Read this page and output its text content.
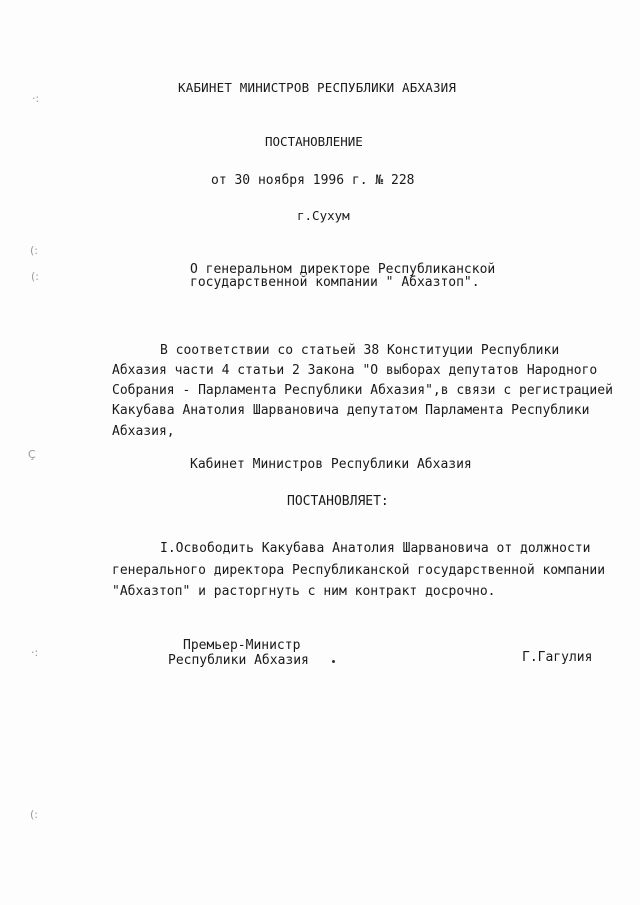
КАБИНЕТ МИНИСТРОВ РЕСПУБЛИКИ АБХАЗИЯ
ПОСТАНОВЛЕНИЕ
от 30 ноября 1996 г. № 228
г.Сухум
О генеральном директоре Республиканской
государственной компании " Абхазтоп".
В соответствии со статьей 38 Конституции Республики
Абхазия части 4 статьи 2 Закона "О выборах депутатов Народного
Собрания - Парламента Республики Абхазия",в связи с регистрацией
Какубава Анатолия Шарвановича депутатом Парламента Республики
Абхазия,
Кабинет Министров Республики Абхазия
ПОСТАНОВЛЯЕТ:
I.Освободить Какубава Анатолия Шарвановича от должности
генерального директора Республиканской государственной компании
"Абхазтоп" и расторгнуть с ним контракт досрочно.
Премьер-Министр
Республики Абхазия	Г.Гагулия
·:
(:
(:
Ç
·:
(:
